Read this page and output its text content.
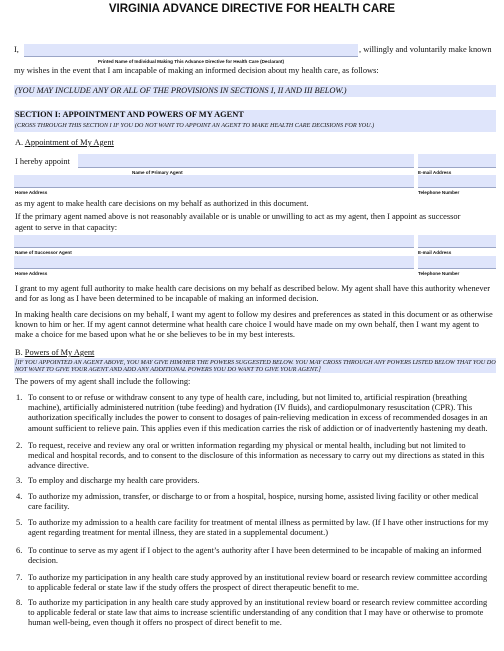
VIRGINIA ADVANCE DIRECTIVE FOR HEALTH CARE
I,	, willingly and voluntarily make known
Printed Name of Individual Making This Advance Directive for Health Care (Declarant)
my wishes in the event that I am incapable of making an informed decision about my health care, as follows:
(YOU MAY INCLUDE ANY OR ALL OF THE PROVISIONS IN SECTIONS I, II AND III BELOW.)
SECTION I: APPOINTMENT AND POWERS OF MY AGENT
(CROSS THROUGH THIS SECTION I IF YOU DO NOT WANT TO APPOINT AN AGENT TO MAKE HEALTH CARE DECISIONS FOR YOU.)
A. Appointment of My Agent
I hereby appoint
Name of Primary Agent	E-mail Address
Home Address	Telephone Number
as my agent to make health care decisions on my behalf as authorized in this document.
If the primary agent named above is not reasonably available or is unable or unwilling to act as my agent, then I appoint as successor
agent to serve in that capacity:
Name of Successor Agent	E-mail Address
Home Address	Telephone Number

I grant to my agent full authority to make health care decisions on my behalf as described below. My agent shall have this authority whenever and for as long as I have been determined to be incapable of making an informed decision.

In making health care decisions on my behalf, I want my agent to follow my desires and preferences as stated in this document or as otherwise known to him or her. If my agent cannot determine what health care choice I would have made on my own behalf, then I want my agent to make a choice for me based upon what he or she believes to be in my best interests.

B. Powers of My Agent

[IF YOU APPOINTED AN AGENT ABOVE, YOU MAY GIVE HIM/HER THE POWERS SUGGESTED BELOW. YOU MAY CROSS THROUGH ANY POWERS LISTED BELOW THAT YOU DO NOT WANT TO GIVE YOUR AGENT AND ADD ANY ADDITIONAL POWERS YOU DO WANT TO GIVE YOUR AGENT.]

The powers of my agent shall include the following:
1. To consent to or refuse or withdraw consent to any type of health care, including, but not limited to, artificial respiration (breathing machine), artificially administered nutrition (tube feeding) and hydration (IV fluids), and cardiopulmonary resuscitation (CPR). This authorization specifically includes the power to consent to dosages of pain-relieving medication in excess of recommended dosages in an amount sufficient to relieve pain. This applies even if this medication carries the risk of addiction or of inadvertently hastening my death.

2. To request, receive and review any oral or written information regarding my physical or mental health, including but not limited to medical and hospital records, and to consent to the disclosure of this information as necessary to carry out my directions as stated in this advance directive.

3. To employ and discharge my health care providers.

4. To authorize my admission, transfer, or discharge to or from a hospital, hospice, nursing home, assisted living facility or other medical care facility.

5. To authorize my admission to a health care facility for treatment of mental illness as permitted by law. (If I have other instructions for my agent regarding treatment for mental illness, they are stated in a supplemental document.)

6. To continue to serve as my agent if I object to the agent’s authority after I have been determined to be incapable of making an informed decision.

7. To authorize my participation in any health care study approved by an institutional review board or research review committee according to applicable federal or state law if the study offers the prospect of direct therapeutic benefit to me.

8. To authorize my participation in any health care study approved by an institutional review board or research review committee according to applicable federal or state law that aims to increase scientific understanding of any condition that I may have or otherwise to promote human well-being, even though it offers no prospect of direct benefit to me.
